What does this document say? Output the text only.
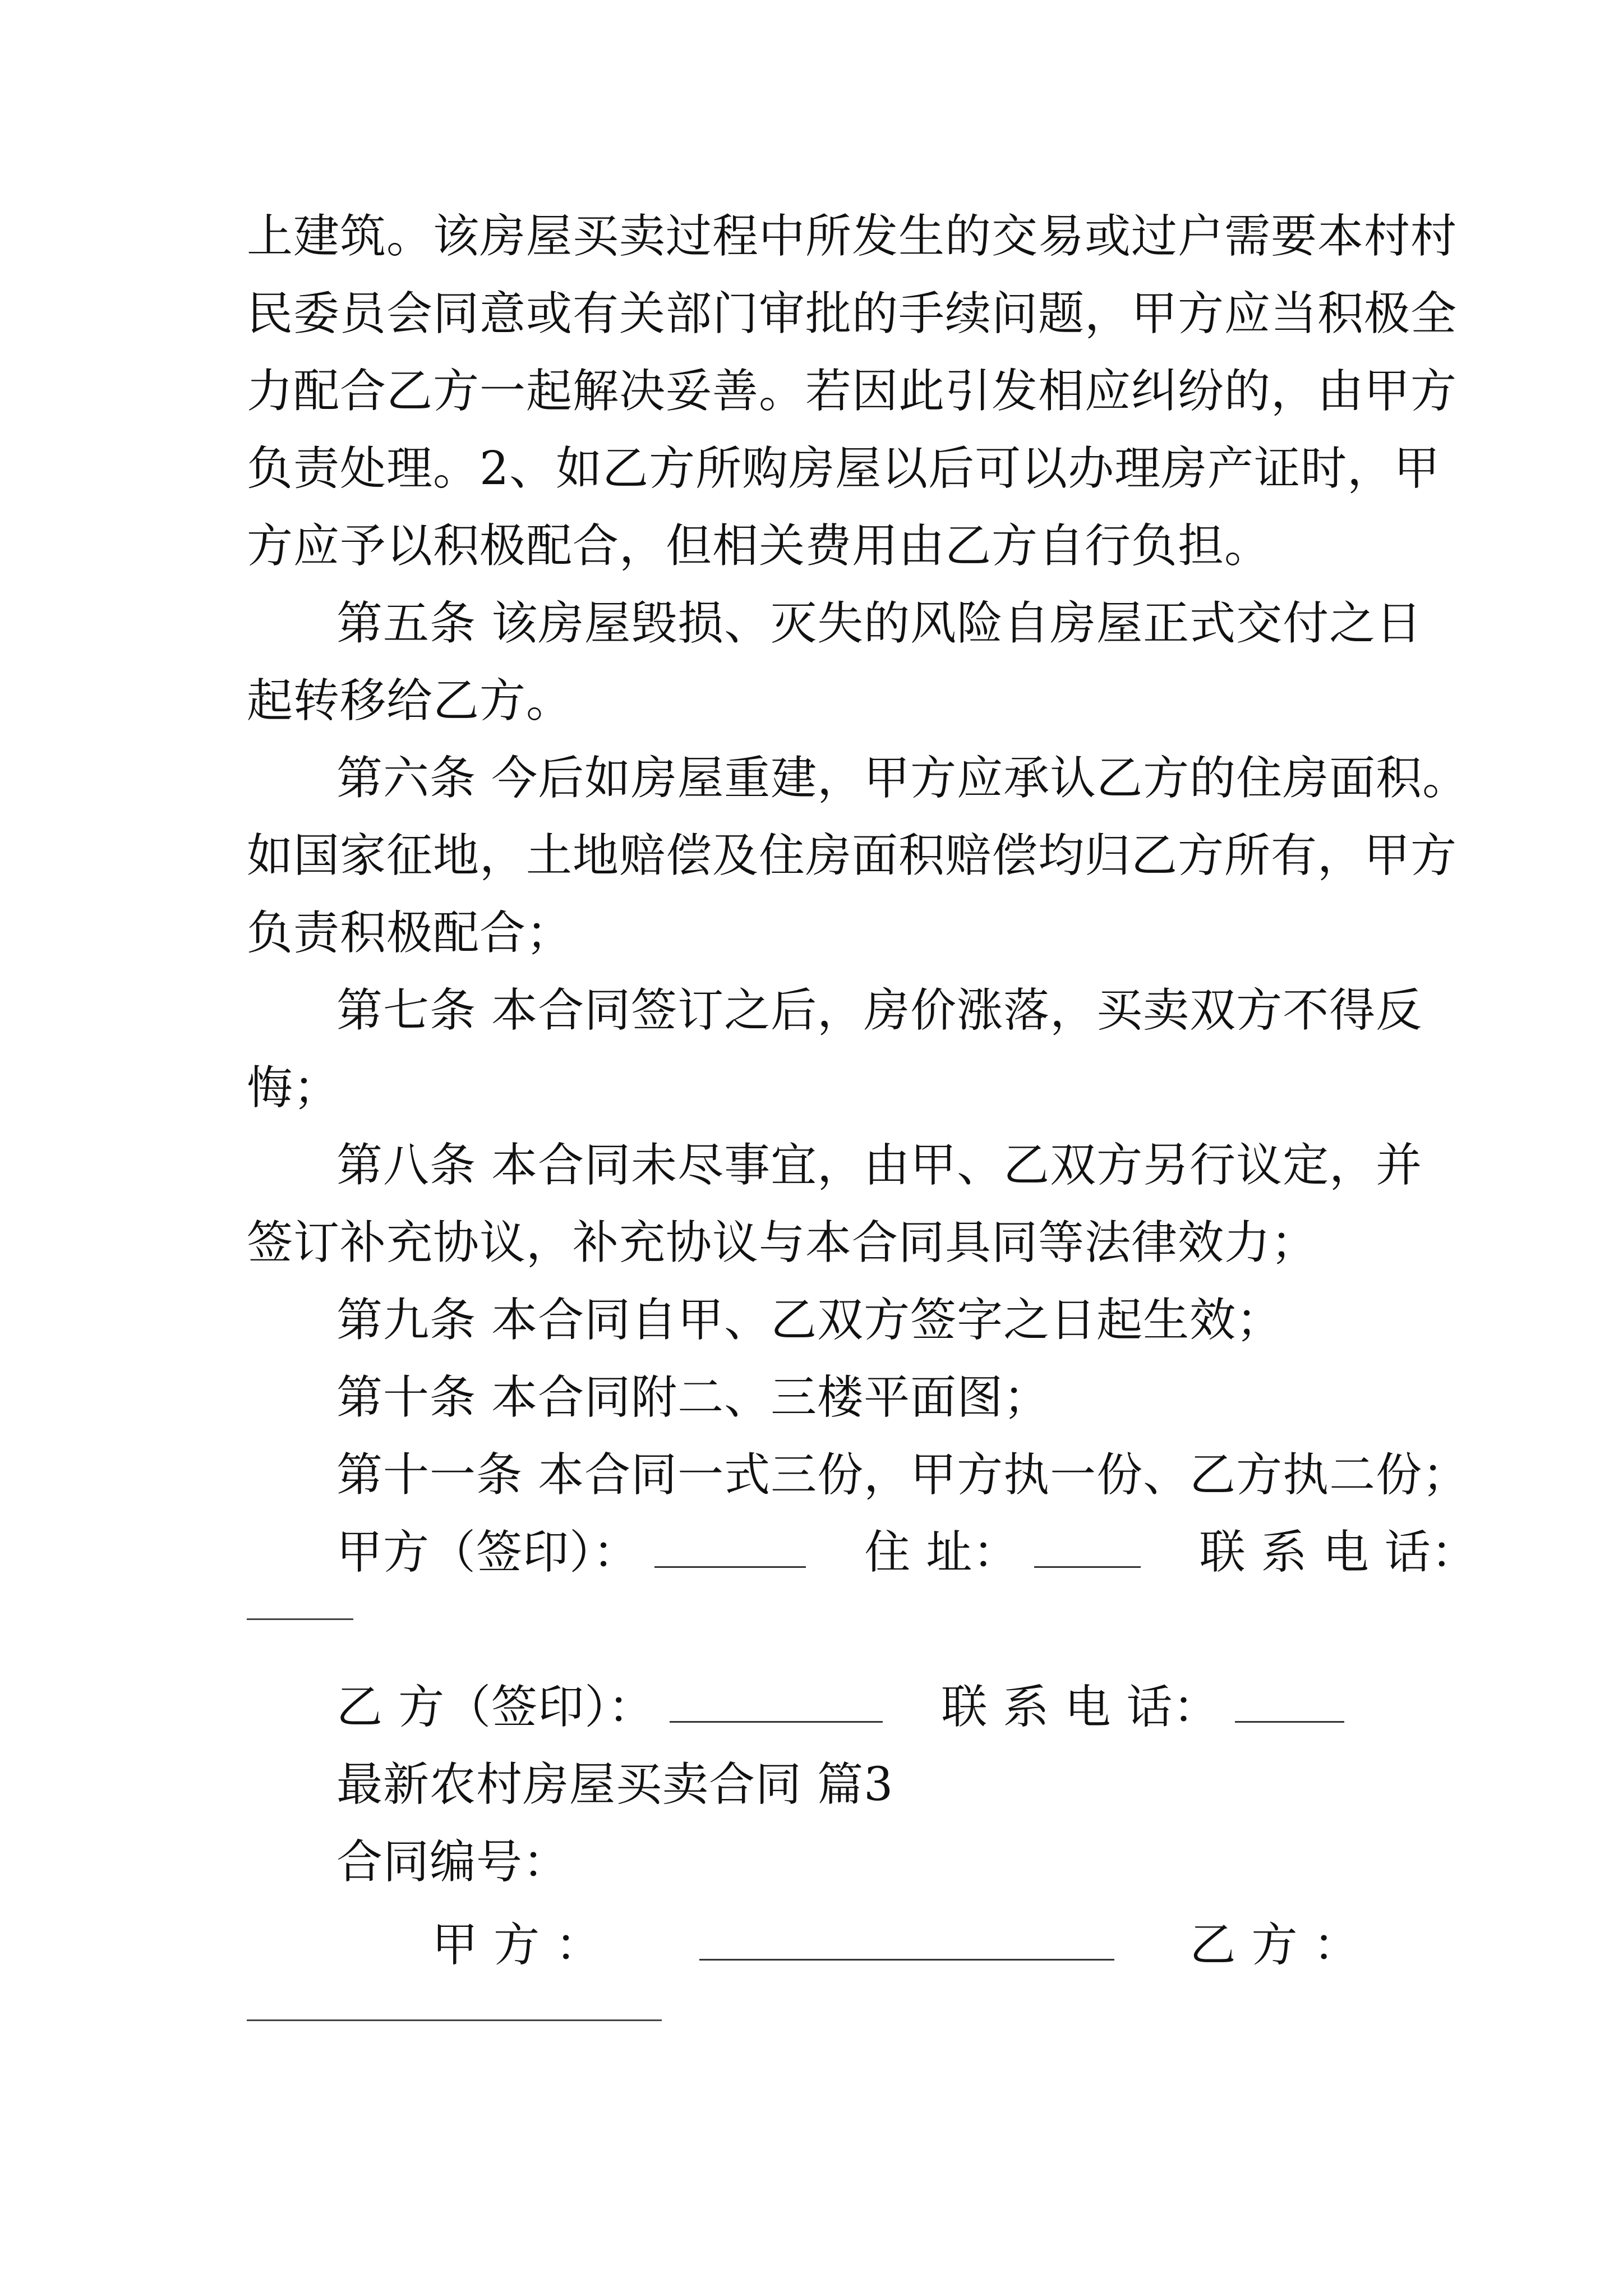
上建筑。该房屋买卖过程中所发生的交易或过户需要本村村
民委员会同意或有关部门审批的手续问题，甲方应当积极全
力配合乙方一起解决妥善。若因此引发相应纠纷的，由甲方
负责处理。2、如乙方所购房屋以后可以办理房产证时，甲
方应予以积极配合，但相关费用由乙方自行负担。
第五条 该房屋毁损、灭失的风险自房屋正式交付之日
起转移给乙方。
第六条 今后如房屋重建，甲方应承认乙方的住房面积。
如国家征地，土地赔偿及住房面积赔偿均归乙方所有，甲方
负责积极配合；
第七条 本合同签订之后，房价涨落，买卖双方不得反
悔；
第八条 本合同未尽事宜，由甲、乙双方另行议定，并
签订补充协议，补充协议与本合同具同等法律效力；
第九条 本合同自甲、乙双方签字之日起生效；
第十条 本合同附二、三楼平面图；
第十一条 本合同一式三份，甲方执一份、乙方执二份；
甲方（签印）：	住 址：	联 系 电 话：
乙 方（签印）：	联 系 电 话：
最新农村房屋买卖合同 篇3
合同编号：
甲 方 ：	乙 方 ：
